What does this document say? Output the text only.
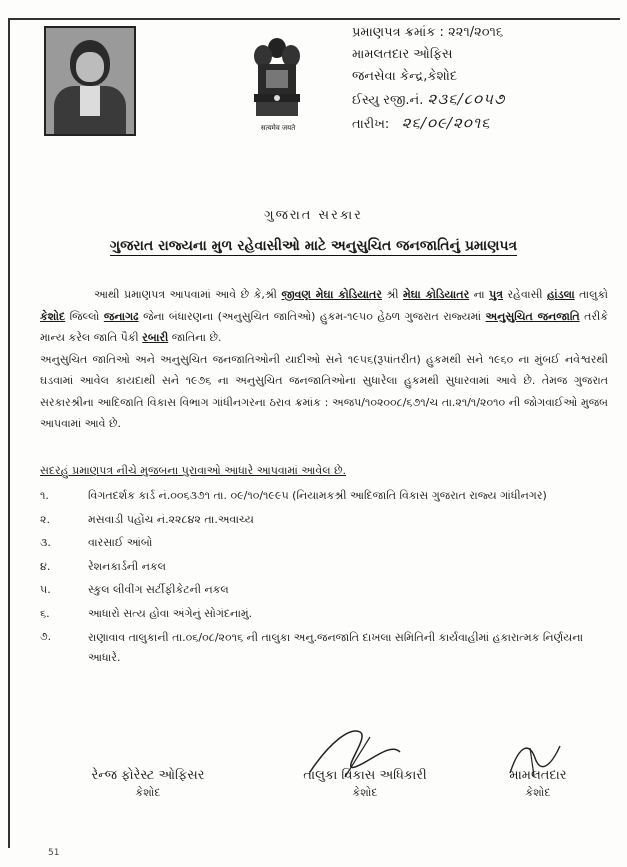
सत्यमेव जयते
પ્રમાણપત્ર ક્રમાંક : ૨૨૧/૨૦૧૬
મામલતદાર ઓફિસ
જનસેવા કેન્દ્ર,કેશોદ
ઈસ્યુ રજી.નં. ૨૩૬/૮૦૫૭
તારીખ: ૨૬/૦૯/૨૦૧૬
ગુજરાત સરકાર
ગુજરાત રાજ્યના મુળ રહેવાસીઓ માટે અનુસુચિત જનજાતિનું પ્રમાણપત્ર
આથી પ્રમાણપત્ર આપવામાં આવે છે કે,શ્રી જીવણ મેઘા કોડિયાતર શ્રી મેઘા કોડિયાતર ના પુત્ર રહેવાસી હાંડલા તાલુકો કેશોદ જિલ્લો જનાગઢ જેના બંધારણના (અનુસુચિત જાતિઓ) હુકમ-૧૯૫૦ હેઠળ ગુજરાત રાજ્યમાં અનુસુચિત જનજાતિ તરીકે માન્ય કરેલ જાતિ પૈકી રબારી જાતિના છે.
અનુસુચિત જાતિઓ અને અનુસુચિત જનજાતિઓની યાદીઓ સને ૧૯૫૬(રૂપાંતરીત) હુકમથી સને ૧૯૬૦ ના મુંબઈ નવેશ્વરથી ઘડવામાં આવેલ કાયદાથી સને ૧૯૭૬ ના અનુસુચિત જનજાતિઓના સુધારેલા હુકમથી સુધારવામાં આવે છે. તેમજ ગુજરાત સરકારશ્રીના આદિજાતિ વિકાસ વિભાગ ગાંધીનગરના ઠરાવ ક્રમાંક : અજપ/૧૦૨૦૦૮/૬૭૧/ચ તા.૨૧/૧/૨૦૧૦ ની જોગવાઈઓ મુજબ આપવામાં આવે છે.
સદરહું પ્રમાણપત્ર નીચે મુજબના પુરાવાઓ આધારે આપવામાં આવેલ છે.
૧.	વિગતદર્શક કાર્ડ નં.૦૦૬૩૭૧ તા. ૦૯/૧૦/૧૯૯૫ (નિયામકશ્રી આદિજાતિ વિકાસ ગુજરાત રાજ્ય ગાંધીનગર)
૨.	મસવાડી પહોંચ નં.૨૨૮૪૨ તા.અવાચ્ય
૩.	વારસાઈ આંબો
૪.	રેશનકાર્ડની નકલ
૫.	સ્કુલ લીવીંગ સર્ટીફીકેટની નકલ
૬.	આધારો સત્ય હોવા અંગેનું સોગંદનામું.
૭.	રાણાવાવ તાલુકાની તા.૦૬/૦૮/૨૦૧૬ ની તાલુકા અનુ.જનજાતિ દાખલા સમિતિની કાર્યવાહીમાં હકારાત્મક નિર્ણયના આધારે.
રેન્જ ફોરેસ્ટ ઓફિસર
કેશોદ
તાલુકા વિકાસ અધિકારી
કેશોદ
મામલતદાર
કેશોદ
51
